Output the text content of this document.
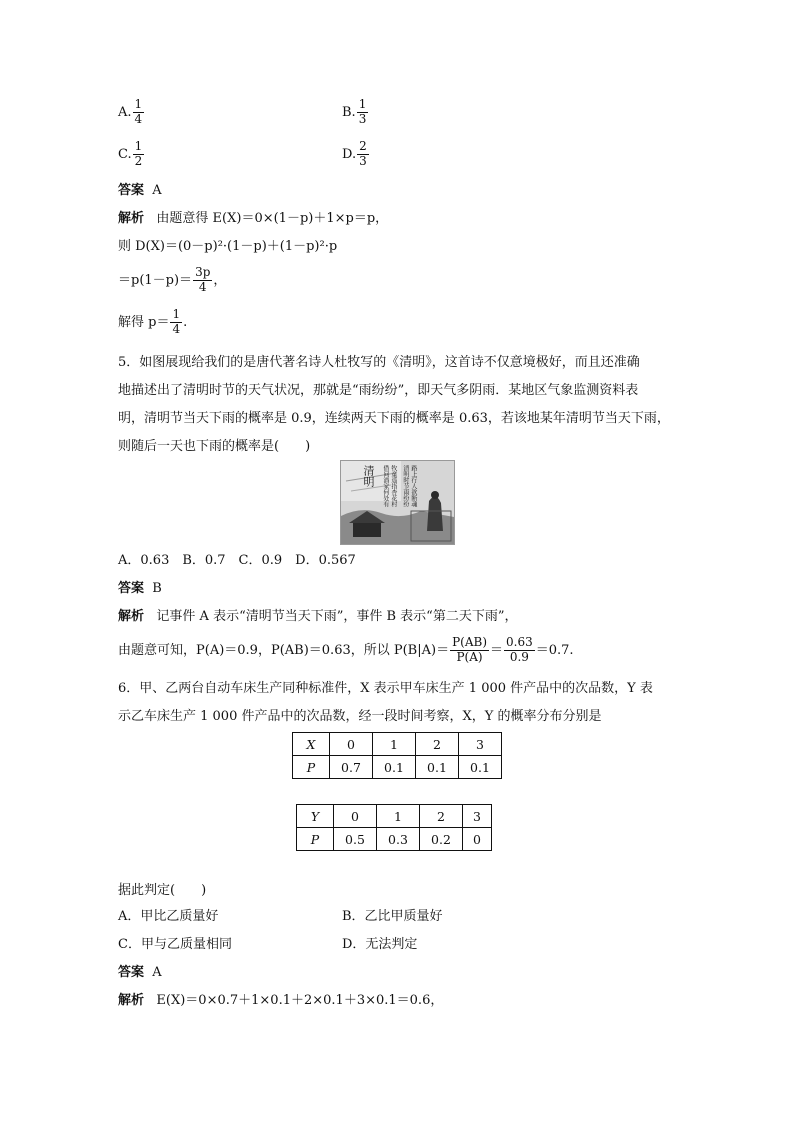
A. $\frac{1}{4}$	B. $\frac{1}{3}$
C. $\frac{1}{2}$	D. $\frac{2}{3}$
答案 A
解析 由题意得 E(X)＝0×(1－p)＋1×p＝p，
则 D(X)＝(0－p)²·(1－p)＋(1－p)²·p
$=p(1-p)= \frac{3p}{4}$ ，
解得 $p= \frac{1}{4}$ .
5．如图展现给我们的是唐代著名诗人杜牧写的《清明》，这首诗不仅意境极好，而且还准确
地描述出了清明时节的天气状况，那就是“雨纷纷”，即天气多阴雨．某地区气象监测资料表
明，清明节当天下雨的概率是 0.9，连续两天下雨的概率是 0.63，若该地某年清明节当天下雨，
则随后一天也下雨的概率是(　　)
清明	清明时节雨纷纷 路上行人欲断魂
借问酒家何处有 牧童遥指杏花村
A．0.63　B．0.7　C．0.9　D．0.567
答案 B
解析 记事件 A 表示“清明节当天下雨”，事件 B 表示“第二天下雨”，
由题意可知，P(A)＝0.9，P(AB)＝0.63，所以 $P(B|A)= \frac{P(AB)}{P(A)} = \frac{0.63}{0.9} =0.7$.
6．甲、乙两台自动车床生产同种标准件，X 表示甲车床生产 1 000 件产品中的次品数，Y 表
示乙车床生产 1 000 件产品中的次品数，经一段时间考察，X，Y 的概率分布分别是
X	0	1	2	3
P	0.7	0.1	0.1	0.1
Y	0	1	2	3
P	0.5	0.3	0.2	0
据此判定(　　)
A．甲比乙质量好	B．乙比甲质量好
C．甲与乙质量相同	D．无法判定
答案 A
解析 E(X)＝0×0.7＋1×0.1＋2×0.1＋3×0.1＝0.6，
